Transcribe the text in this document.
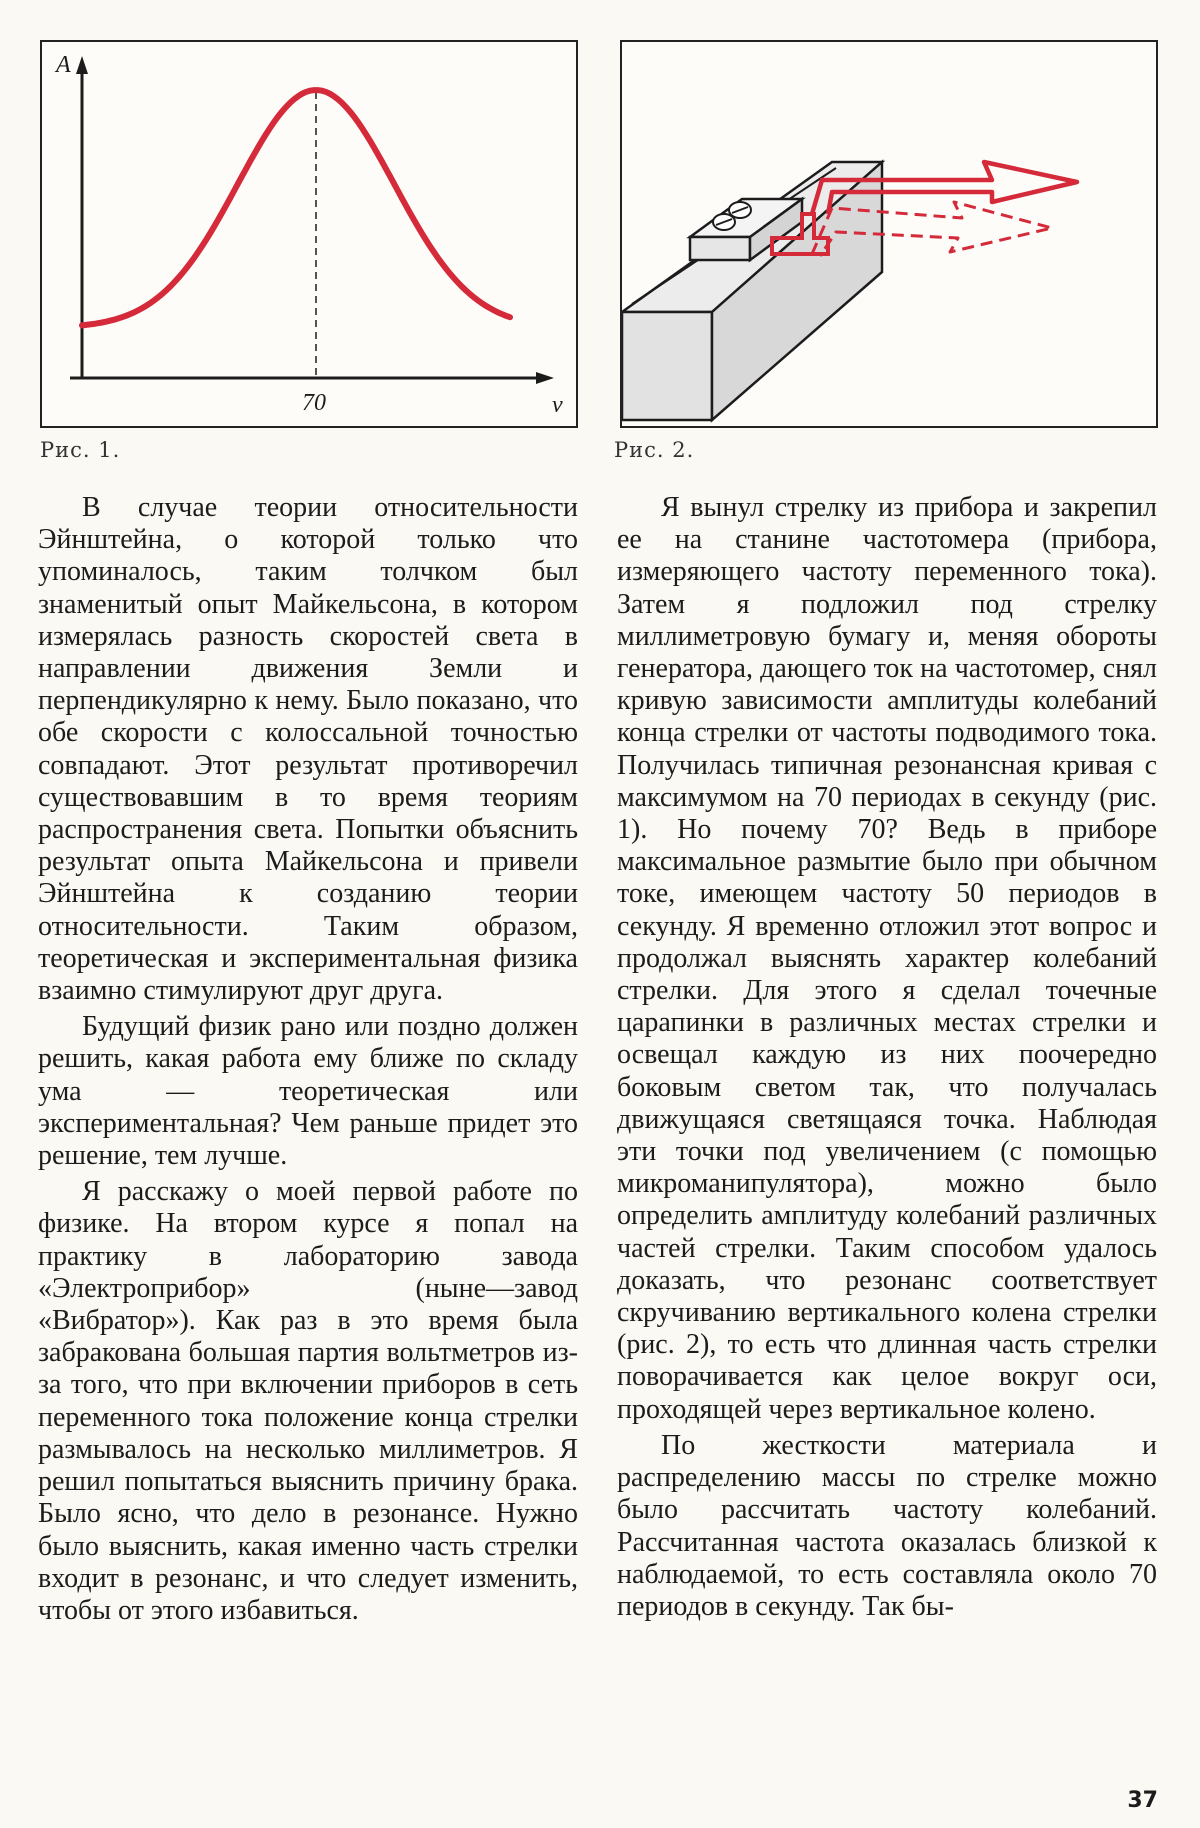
A
ν
70
Рис. 1.	Рис. 2.

В случае теории относительности Эйнштейна, о которой только что упоминалось, таким толчком был знаменитый опыт Майкельсона, в котором измерялась разность скоростей света в направлении движения Земли и перпендикулярно к нему. Было показано, что обе скорости с колоссальной точностью совпадают. Этот результат противоречил существовавшим в то время теориям распространения света. Попытки объяснить результат опыта Майкельсона и привели Эйнштейна к созданию теории относительности. Таким образом, теоретическая и экспериментальная физика взаимно стимулируют друг друга.

Будущий физик рано или поздно должен решить, какая работа ему ближе по складу ума — теоретическая или экспериментальная? Чем раньше придет это решение, тем лучше.

Я расскажу о моей первой работе по физике. На втором курсе я попал на практику в лабораторию завода «Электроприбор» (ныне—завод «Вибратор»). Как раз в это время была забракована большая партия вольтметров из-за того, что при включении приборов в сеть переменного тока положение конца стрелки размывалось на несколько миллиметров. Я решил попытаться выяснить причину брака. Было ясно, что дело в резонансе. Нужно было выяснить, какая именно часть стрелки входит в резонанс, и что следует изменить, чтобы от этого избавиться.

Я вынул стрелку из прибора и закрепил ее на станине частотомера (прибора, измеряющего частоту переменного тока). Затем я подложил под стрелку миллиметровую бумагу и, меняя обороты генератора, дающего ток на частотомер, снял кривую зависимости амплитуды колебаний конца стрелки от частоты подводимого тока. Получилась типичная резонансная кривая с максимумом на 70 периодах в секунду (рис. 1). Но почему 70? Ведь в приборе максимальное размытие было при обычном токе, имеющем частоту 50 периодов в секунду. Я временно отложил этот вопрос и продолжал выяснять характер колебаний стрелки. Для этого я сделал точечные царапинки в различных местах стрелки и освещал каждую из них поочередно боковым светом так, что получалась движущаяся светящаяся точка. Наблюдая эти точки под увеличением (с помощью микроманипулятора), можно было определить амплитуду колебаний различных частей стрелки. Таким способом удалось доказать, что резонанс соответствует скручиванию вертикального колена стрелки (рис. 2), то есть что длинная часть стрелки поворачивается как целое вокруг оси, проходящей через вертикальное колено.

По жесткости материала и распределению массы по стрелке можно было рассчитать частоту колебаний. Рассчитанная частота оказалась близкой к наблюдаемой, то есть составляла около 70 периодов в секунду. Так бы-

37
